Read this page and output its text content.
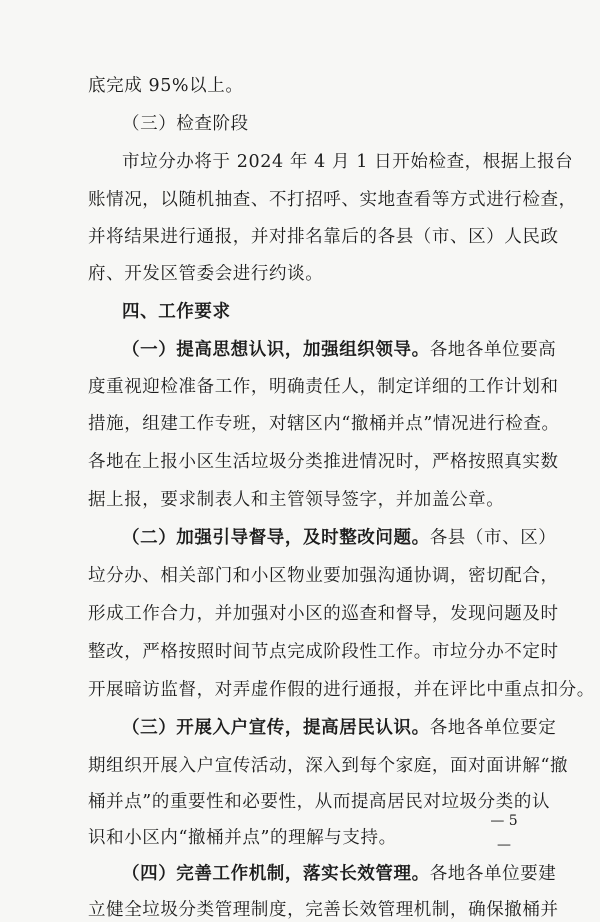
底完成 95%以上。
（三）检查阶段
市垃分办将于 2024 年 4 月 1 日开始检查，根据上报台
账情况，以随机抽查、不打招呼、实地查看等方式进行检查，
并将结果进行通报，并对排名靠后的各县（市、区）人民政
府、开发区管委会进行约谈。
四、工作要求
（一）提高思想认识，加强组织领导。各地各单位要高
度重视迎检准备工作，明确责任人，制定详细的工作计划和
措施，组建工作专班，对辖区内“撤桶并点”情况进行检查。
各地在上报小区生活垃圾分类推进情况时，严格按照真实数
据上报，要求制表人和主管领导签字，并加盖公章。
（二）加强引导督导，及时整改问题。各县（市、区）
垃分办、相关部门和小区物业要加强沟通协调，密切配合，
形成工作合力，并加强对小区的巡查和督导，发现问题及时
整改，严格按照时间节点完成阶段性工作。市垃分办不定时
开展暗访监督，对弄虚作假的进行通报，并在评比中重点扣分。
（三）开展入户宣传，提高居民认识。各地各单位要定
期组织开展入户宣传活动，深入到每个家庭，面对面讲解“撤
桶并点”的重要性和必要性，从而提高居民对垃圾分类的认
识和小区内“撤桶并点”的理解与支持。
（四）完善工作机制，落实长效管理。各地各单位要建
立健全垃圾分类管理制度，完善长效管理机制，确保撤桶并
— 5 —
